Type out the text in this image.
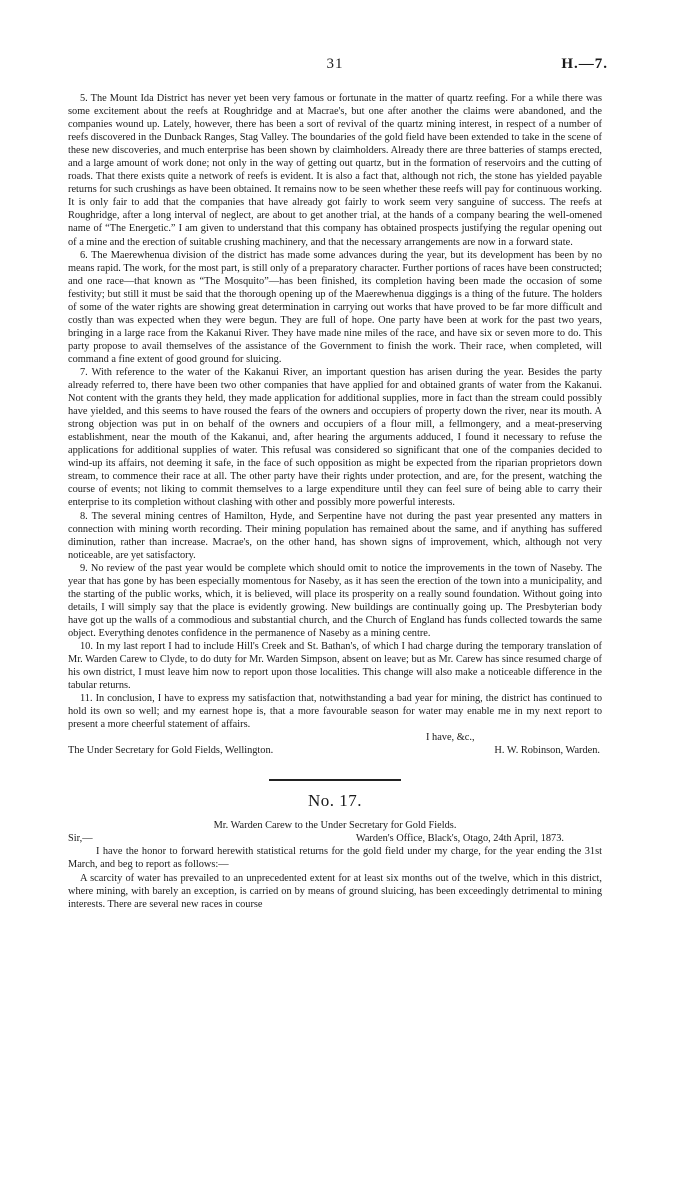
31	H.—7.

5. The Mount Ida District has never yet been very famous or fortunate in the matter of quartz reefing. For a while there was some excitement about the reefs at Roughridge and at Macrae's, but one after another the claims were abandoned, and the companies wound up. Lately, however, there has been a sort of revival of the quartz mining interest, in respect of a number of reefs discovered in the Dunback Ranges, Stag Valley. The boundaries of the gold field have been extended to take in the scene of these new discoveries, and much enterprise has been shown by claimholders. Already there are three batteries of stamps erected, and a large amount of work done; not only in the way of getting out quartz, but in the formation of reservoirs and the cutting of roads. That there exists quite a network of reefs is evident. It is also a fact that, although not rich, the stone has yielded payable returns for such crushings as have been obtained. It remains now to be seen whether these reefs will pay for continuous working. It is only fair to add that the companies that have already got fairly to work seem very sanguine of success. The reefs at Roughridge, after a long interval of neglect, are about to get another trial, at the hands of a company bearing the well-omened name of “The Energetic.” I am given to understand that this company has obtained prospects justifying the regular opening out of a mine and the erection of suitable crushing machinery, and that the necessary arrangements are now in a forward state.

6. The Maerewhenua division of the district has made some advances during the year, but its development has been by no means rapid. The work, for the most part, is still only of a preparatory character. Further portions of races have been constructed; and one race—that known as “The Mosquito”—has been finished, its completion having been made the occasion of some festivity; but still it must be said that the thorough opening up of the Maerewhenua diggings is a thing of the future. The holders of some of the water rights are showing great determination in carrying out works that have proved to be far more difficult and costly than was expected when they were begun. They are full of hope. One party have been at work for the past two years, bringing in a large race from the Kakanui River. They have made nine miles of the race, and have six or seven more to do. This party propose to avail themselves of the assistance of the Government to finish the work. Their race, when completed, will command a fine extent of good ground for sluicing.

7. With reference to the water of the Kakanui River, an important question has arisen during the year. Besides the party already referred to, there have been two other companies that have applied for and obtained grants of water from the Kakanui. Not content with the grants they held, they made application for additional supplies, more in fact than the stream could possibly have yielded, and this seems to have roused the fears of the owners and occupiers of property down the river, near its mouth. A strong objection was put in on behalf of the owners and occupiers of a flour mill, a fellmongery, and a meat-preserving establishment, near the mouth of the Kakanui, and, after hearing the arguments adduced, I found it necessary to refuse the applications for additional supplies of water. This refusal was considered so significant that one of the companies decided to wind-up its affairs, not deeming it safe, in the face of such opposition as might be expected from the riparian proprietors down stream, to commence their race at all. The other party have their rights under protection, and are, for the present, watching the course of events; not liking to commit themselves to a large expenditure until they can feel sure of being able to carry their enterprise to its completion without clashing with other and possibly more powerful interests.

8. The several mining centres of Hamilton, Hyde, and Serpentine have not during the past year presented any matters in connection with mining worth recording. Their mining population has remained about the same, and if anything has suffered diminution, rather than increase. Macrae's, on the other hand, has shown signs of improvement, which, although not very noticeable, are yet satisfactory.

9. No review of the past year would be complete which should omit to notice the improvements in the town of Naseby. The year that has gone by has been especially momentous for Naseby, as it has seen the erection of the town into a municipality, and the starting of the public works, which, it is believed, will place its prosperity on a really sound foundation. Without going into details, I will simply say that the place is evidently growing. New buildings are continually going up. The Presbyterian body have got up the walls of a commodious and substantial church, and the Church of England has funds collected towards the same object. Everything denotes confidence in the permanence of Naseby as a mining centre.

10. In my last report I had to include Hill's Creek and St. Bathan's, of which I had charge during the temporary translation of Mr. Warden Carew to Clyde, to do duty for Mr. Warden Simpson, absent on leave; but as Mr. Carew has since resumed charge of his own district, I must leave him now to report upon those localities. This change will also make a noticeable difference in the tabular returns.

11. In conclusion, I have to express my satisfaction that, notwithstanding a bad year for mining, the district has continued to hold its own so well; and my earnest hope is, that a more favourable season for water may enable me in my next report to present a more cheerful statement of affairs.

I have, &c.,

The Under Secretary for Gold Fields, Wellington.	H. W. Robinson, Warden.
No. 17.
Mr. Warden Carew to the Under Secretary for Gold Fields.
Sir,—	Warden's Office, Black's, Otago, 24th April, 1873.

I have the honor to forward herewith statistical returns for the gold field under my charge, for the year ending the 31st March, and beg to report as follows:—

A scarcity of water has prevailed to an unprecedented extent for at least six months out of the twelve, which in this district, where mining, with barely an exception, is carried on by means of ground sluicing, has been exceedingly detrimental to mining interests. There are several new races in course
